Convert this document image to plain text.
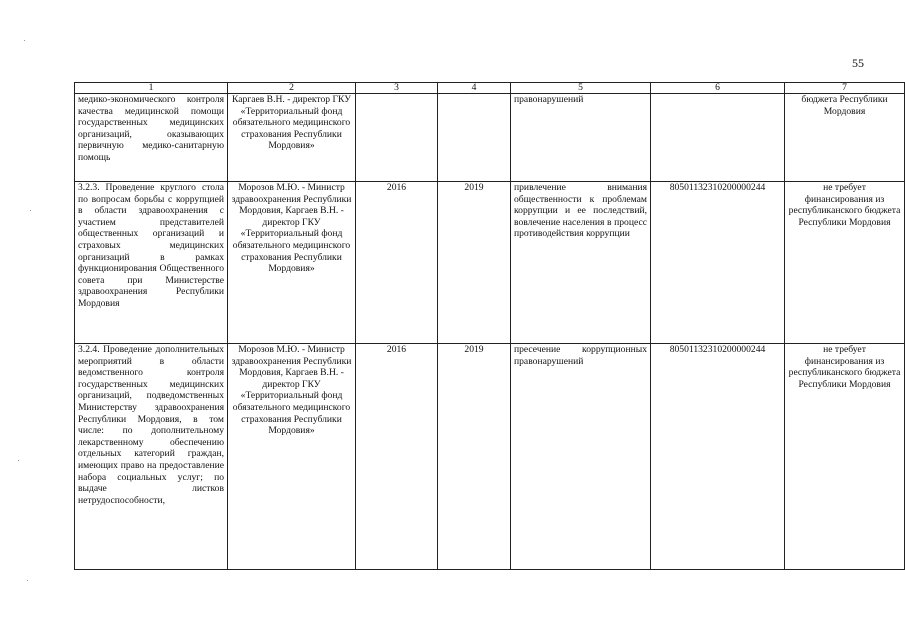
55
1	2	3	4	5	6	7
медико-экономического контроля качества медицинской помощи государственных медицинских организаций, оказывающих первичную медико-санитарную помощь	Каргаев В.Н. - директор ГКУ «Территориальный фонд обязательного медицинского страхования Республики Мордовия»			правонарушений		бюджета Республики Мордовия
3.2.3. Проведение круглого стола по вопросам борьбы с коррупцией в области здравоохранения с участием представителей общественных организаций и страховых медицинских организаций в рамках функционирования Общественного совета при Министерстве здравоохранения Республики Мордовия	Морозов М.Ю. - Министр здравоохранения Республики Мордовия, Каргаев В.Н. - директор ГКУ «Территориальный фонд обязательного медицинского страхования Республики Мордовия»	2016	2019	привлечение внимания общественности к проблемам коррупции и ее последствий, вовлечение населения в процесс противодействия коррупции	80501132310200000244	не требует финансирования из республиканского бюджета Республики Мордовия
3.2.4. Проведение дополнительных мероприятий в области ведомственного контроля государственных медицинских организаций, подведомственных Министерству здравоохранения Республики Мордовия, в том числе: по дополнительному лекарственному обеспечению отдельных категорий граждан, имеющих право на предоставление набора социальных услуг; по выдаче листков нетрудоспособности,	Морозов М.Ю. - Министр здравоохранения Республики Мордовия, Каргаев В.Н. - директор ГКУ «Территориальный фонд обязательного медицинского страхования Республики Мордовия»	2016	2019	пресечение коррупционных правонарушений	80501132310200000244	не требует финансирования из республиканского бюджета Республики Мордовия
